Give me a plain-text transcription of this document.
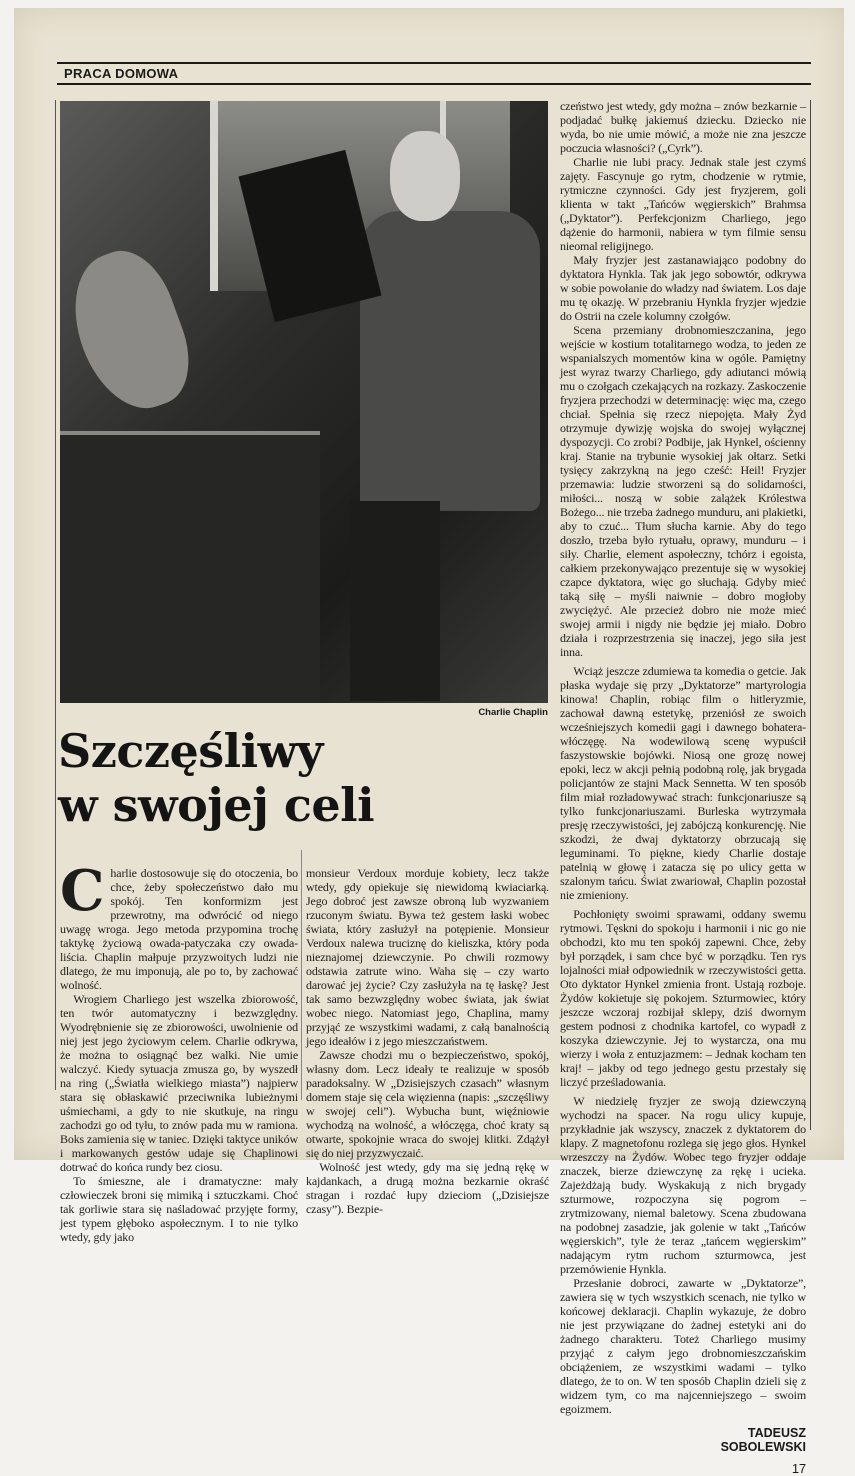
PRACA DOMOWA
Charlie Chaplin
Szczęśliwy
w swojej celi

Charlie dostosowuje się do otoczenia, bo chce, żeby społeczeństwo dało mu spokój. Ten konformizm jest przewrotny, ma odwrócić od niego uwagę wroga. Jego metoda przypomina trochę taktykę życiową owada-patyczaka czy owada-liścia. Chaplin małpuje przyzwoitych ludzi nie dlatego, że mu imponują, ale po to, by zachować wolność.

Wrogiem Charliego jest wszelka zbiorowość, ten twór automatyczny i bezwzględny. Wyodrębnienie się ze zbiorowości, uwolnienie od niej jest jego życiowym celem. Charlie odkrywa, że można to osiągnąć bez walki. Nie umie walczyć. Kiedy sytuacja zmusza go, by wyszedł na ring („Światła wielkiego miasta”) najpierw stara się obłaskawić przeciwnika lubieżnymi uśmiechami, a gdy to nie skutkuje, na ringu zachodzi go od tyłu, to znów pada mu w ramiona. Boks zamienia się w taniec. Dzięki taktyce uników i markowanych gestów udaje się Chaplinowi dotrwać do końca rundy bez ciosu.

To śmieszne, ale i dramatyczne: mały człowieczek broni się mimiką i sztuczkami. Choć tak gorliwie stara się naśladować przyjęte formy, jest typem głęboko aspołecznym. I to nie tylko wtedy, gdy jako

monsieur Verdoux morduje kobiety, lecz także wtedy, gdy opiekuje się niewidomą kwiaciarką. Jego dobroć jest zawsze obroną lub wyzwaniem rzuconym światu. Bywa też gestem łaski wobec świata, który zasłużył na potępienie. Monsieur Verdoux nalewa truciznę do kieliszka, który poda nieznajomej dziewczynie. Po chwili rozmowy odstawia zatrute wino. Waha się – czy warto darować jej życie? Czy zasłużyła na tę łaskę? Jest tak samo bezwzględny wobec świata, jak świat wobec niego. Natomiast jego, Chaplina, mamy przyjąć ze wszystkimi wadami, z całą banalnością jego ideałów i z jego mieszczaństwem.

Zawsze chodzi mu o bezpieczeństwo, spokój, własny dom. Lecz ideały te realizuje w sposób paradoksalny. W „Dzisiejszych czasach” własnym domem staje się cela więzienna (napis: „szczęśliwy w swojej celi”). Wybucha bunt, więźniowie wychodzą na wolność, a włóczęga, choć kraty są otwarte, spokojnie wraca do swojej klitki. Zdążył się do niej przyzwyczaić.

Wolność jest wtedy, gdy ma się jedną rękę w kajdankach, a drugą można bezkarnie okraść stragan i rozdać łupy dzieciom („Dzisiejsze czasy”). Bezpie-

czeństwo jest wtedy, gdy można – znów bezkarnie – podjadać bułkę jakiemuś dziecku. Dziecko nie wyda, bo nie umie mówić, a może nie zna jeszcze poczucia własności? („Cyrk”).

Charlie nie lubi pracy. Jednak stale jest czymś zajęty. Fascynuje go rytm, chodzenie w rytmie, rytmiczne czynności. Gdy jest fryzjerem, goli klienta w takt „Tańców węgierskich” Brahmsa („Dyktator”). Perfekcjonizm Charliego, jego dążenie do harmonii, nabiera w tym filmie sensu nieomal religijnego.

Mały fryzjer jest zastanawiająco podobny do dyktatora Hynkla. Tak jak jego sobowtór, odkrywa w sobie powołanie do władzy nad światem. Los daje mu tę okazję. W przebraniu Hynkla fryzjer wjedzie do Ostrii na czele kolumny czołgów.

Scena przemiany drobnomieszczanina, jego wejście w kostium totalitarnego wodza, to jeden ze wspanialszych momentów kina w ogóle. Pamiętny jest wyraz twarzy Charliego, gdy adiutanci mówią mu o czołgach czekających na rozkazy. Zaskoczenie fryzjera przechodzi w determinację: więc ma, czego chciał. Spełnia się rzecz niepojęta. Mały Żyd otrzymuje dywizję wojska do swojej wyłącznej dyspozycji. Co zrobi? Podbije, jak Hynkel, ościenny kraj. Stanie na trybunie wysokiej jak ołtarz. Setki tysięcy zakrzykną na jego cześć: Heil! Fryzjer przemawia: ludzie stworzeni są do solidarności, miłości... noszą w sobie zalążek Królestwa Bożego... nie trzeba żadnego munduru, ani plakietki, aby to czuć... Tłum słucha karnie. Aby do tego doszło, trzeba było rytuału, oprawy, munduru – i siły. Charlie, element aspołeczny, tchórz i egoista, całkiem przekonywająco prezentuje się w wysokiej czapce dyktatora, więc go słuchają. Gdyby mieć taką siłę – myśli naiwnie – dobro mogłoby zwyciężyć. Ale przecież dobro nie może mieć swojej armii i nigdy nie będzie jej miało. Dobro działa i rozprzestrzenia się inaczej, jego siła jest inna.

Wciąż jeszcze zdumiewa ta komedia o getcie. Jak płaska wydaje się przy „Dyktatorze” martyrologia kinowa! Chaplin, robiąc film o hitleryzmie, zachował dawną estetykę, przeniósł ze swoich wcześniejszych komedii gagi i dawnego bohatera-włóczęgę. Na wodewilową scenę wypuścił faszystowskie bojówki. Niosą one grozę nowej epoki, lecz w akcji pełnią podobną rolę, jak brygada policjantów ze stajni Mack Sennetta. W ten sposób film miał rozładowywać strach: funkcjonariusze są tylko funkcjonariuszami. Burleska wytrzymała presję rzeczywistości, jej zabójczą konkurencję. Nie szkodzi, że dwaj dyktatorzy obrzucają się leguminami. To piękne, kiedy Charlie dostaje patelnią w głowę i zatacza się po ulicy getta w szalonym tańcu. Świat zwariował, Chaplin pozostał nie zmieniony.

Pochłonięty swoimi sprawami, oddany swemu rytmowi. Tęskni do spokoju i harmonii i nic go nie obchodzi, kto mu ten spokój zapewni. Chce, żeby był porządek, i sam chce być w porządku. Ten rys lojalności miał odpowiednik w rzeczywistości getta. Oto dyktator Hynkel zmienia front. Ustają rozboje. Żydów kokietuje się pokojem. Szturmowiec, który jeszcze wczoraj rozbijał sklepy, dziś dwornym gestem podnosi z chodnika kartofel, co wypadł z koszyka dziewczynie. Jej to wystarcza, ona mu wierzy i woła z entuzjazmem: – Jednak kocham ten kraj! – jakby od tego jednego gestu przestały się liczyć prześladowania.

W niedzielę fryzjer ze swoją dziewczyną wychodzi na spacer. Na rogu ulicy kupuje, przykładnie jak wszyscy, znaczek z dyktatorem do klapy. Z magnetofonu rozlega się jego głos. Hynkel wrzeszczy na Żydów. Wobec tego fryzjer oddaje znaczek, bierze dziewczynę za rękę i ucieka. Zajeżdżają budy. Wyskakują z nich brygady szturmowe, rozpoczyna się pogrom – zrytmizowany, niemal baletowy. Scena zbudowana na podobnej zasadzie, jak golenie w takt „Tańców węgierskich”, tyle że teraz „tańcem węgierskim” nadającym rytm ruchom szturmowca, jest przemówienie Hynkla.

Przesłanie dobroci, zawarte w „Dyktatorze”, zawiera się w tych wszystkich scenach, nie tylko w końcowej deklaracji. Chaplin wykazuje, że dobro nie jest przywiązane do żadnej estetyki ani do żadnego charakteru. Toteż Charliego musimy przyjąć z całym jego drobnomieszczańskim obciążeniem, ze wszystkimi wadami – tylko dlatego, że to on. W ten sposób Chaplin dzieli się z widzem tym, co ma najcenniejszego – swoim egoizmem.

TADEUSZ
SOBOLEWSKI
17
